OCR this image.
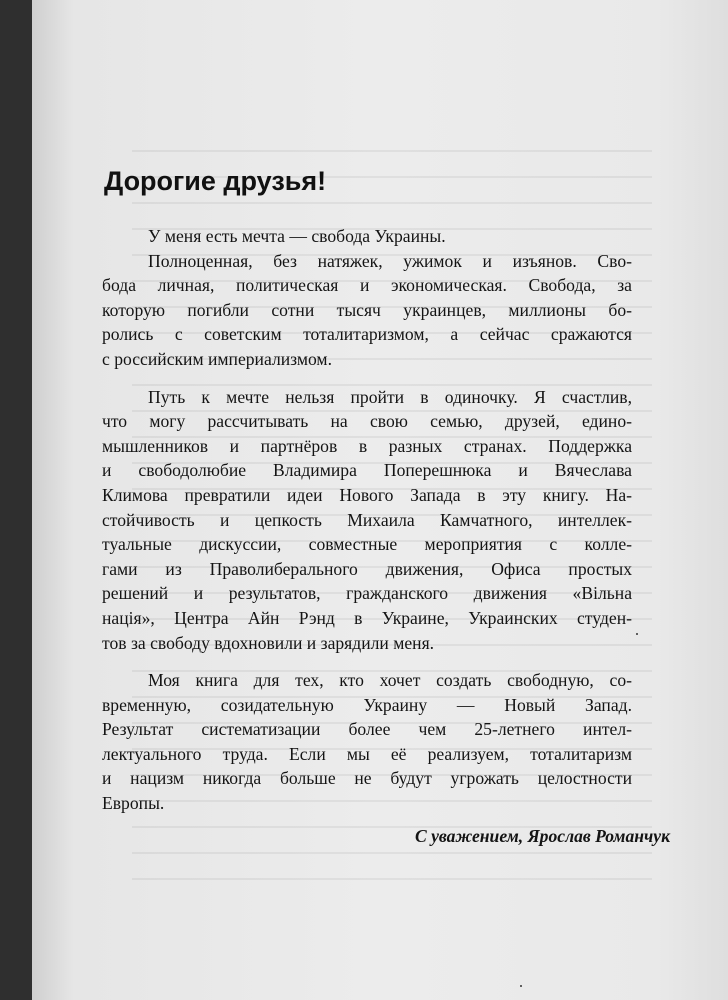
Дорогие друзья!

У меня есть мечта — свобода Украины.

Полноценная, без натяжек, ужимок и изъянов. Сво-
бода личная, политическая и экономическая. Свобода, за
которую погибли сотни тысяч украинцев, миллионы бо-
ролись с советским тоталитаризмом, а сейчас сражаются
с российским империализмом.

Путь к мечте нельзя пройти в одиночку. Я счастлив,
что могу рассчитывать на свою семью, друзей, едино-
мышленников и партнёров в разных странах. Поддержка
и свободолюбие Владимира Поперешнюка и Вячеслава
Климова превратили идеи Нового Запада в эту книгу. На-
стойчивость и цепкость Михаила Камчатного, интеллек-
туальные дискуссии, совместные мероприятия с колле-
гами из Праволиберального движения, Офиса простых
решений и результатов, гражданского движения «Вільна
нація», Центра Айн Рэнд в Украине, Украинских студен-
тов за свободу вдохновили и зарядили меня.

Моя книга для тех, кто хочет создать свободную, со-
временную, созидательную Украину — Новый Запад.
Результат систематизации более чем 25-летнего интел-
лектуального труда. Если мы её реализуем, тоталитаризм
и нацизм никогда больше не будут угрожать целостности
Европы.

С уважением, Ярослав Романчук
